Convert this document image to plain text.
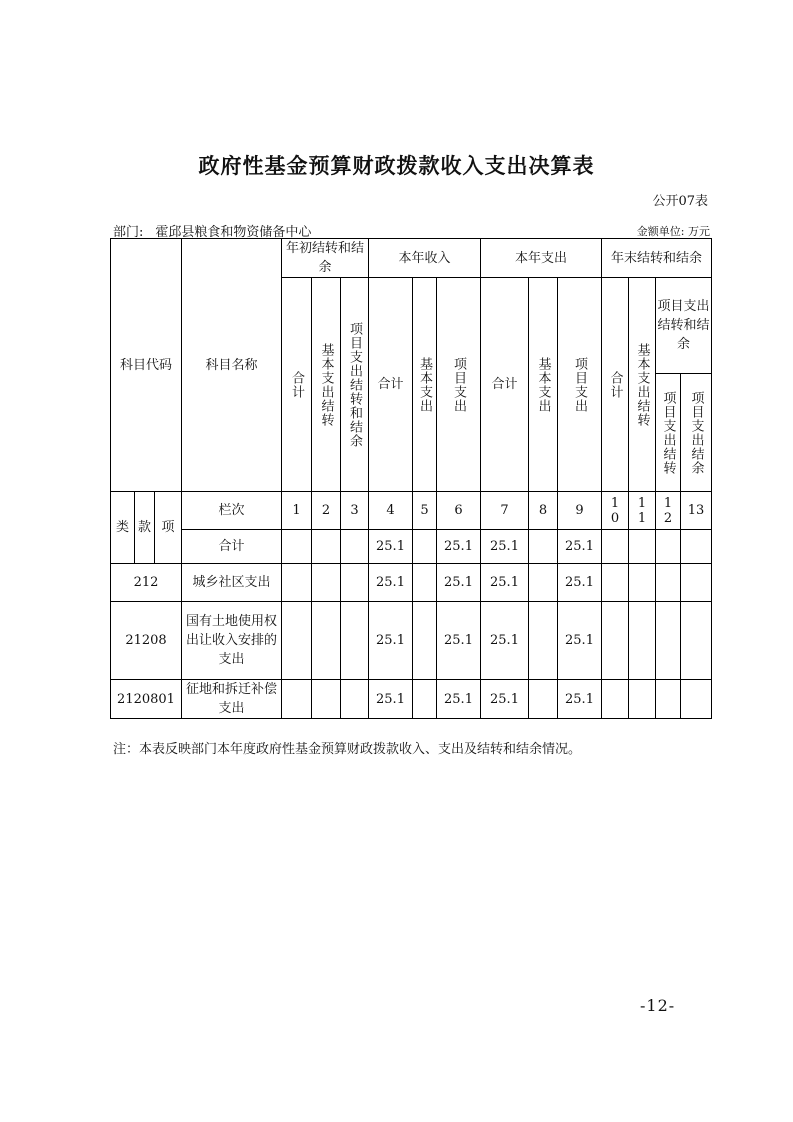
政府性基金预算财政拨款收入支出决算表
公开07表
部门: 霍邱县粮食和物资储备中心	金额单位: 万元
科目代码			科目名称	年初结转和结余			本年收入			本年支出			年末结转和结余			
				合计	基本支出结转	项目支出结转和结余	合计	基本支出	项目支出	合计	基本支出	项目支出	合计	基本支出结转	项目支出结转和结余	
															项目支出结转	项目支出结余
类	款	项	栏次	1	2	3	4	5	6	7	8	9	10	11	12	13
			合计				25.1		25.1	25.1		25.1				
212			城乡社区支出				25.1		25.1	25.1		25.1				
21208			国有土地使用权出让收入安排的支出				25.1		25.1	25.1		25.1				
2120801			征地和拆迁补偿支出				25.1		25.1	25.1		25.1				
注：本表反映部门本年度政府性基金预算财政拨款收入、支出及结转和结余情况。
-12-
